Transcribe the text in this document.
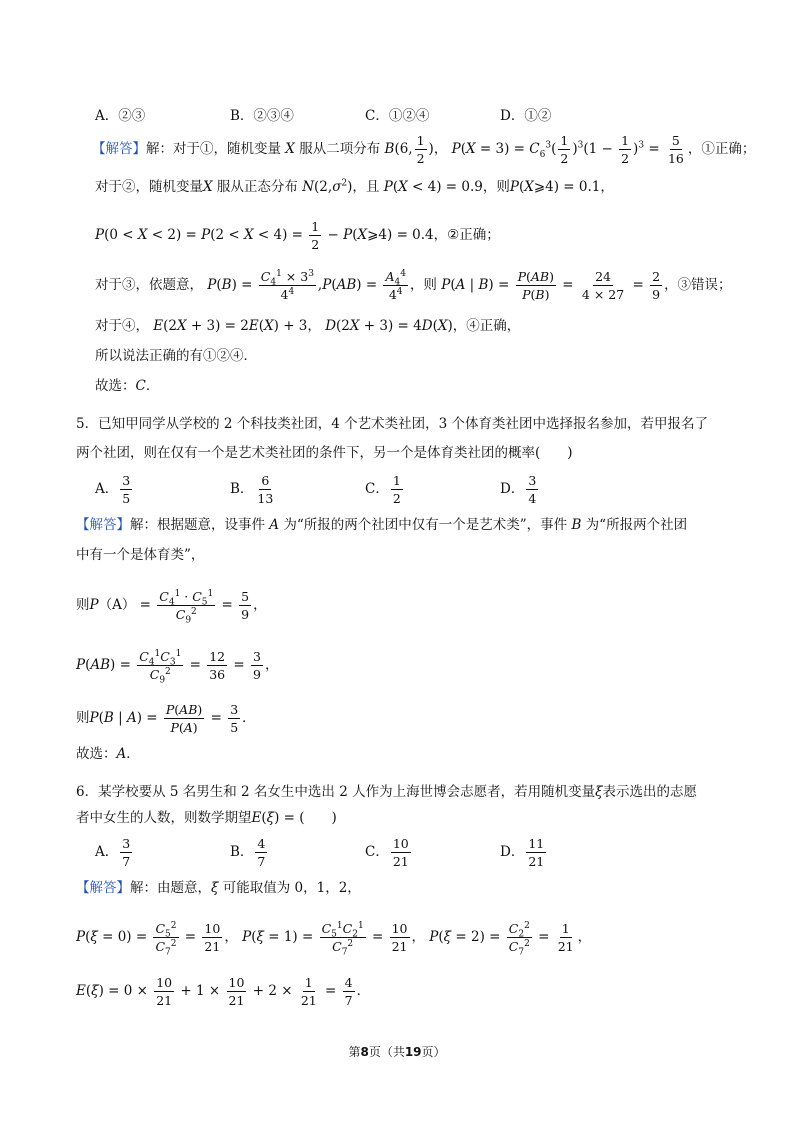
A．②③	B．②③④	C．①②④	D．①②
【解答】解：对于①，随机变量 X 服从二项分布 B(6, $\frac{1}{2}$ )， $P(X = 3) = C_6^3( \frac{1}{2} )^3(1 - \frac{1}{2} )^3 = \frac{5}{16}$ ，①正确；
对于②，随机变量X 服从正态分布 $N(2,\sigma^2)$，且 P(X < 4) = 0.9，则P(X⩾4) = 0.1，
$P(0 < X < 2) = P(2 < X < 4) = \frac{1}{2}$ − P(X⩾4) = 0.4，②正确；
对于③，依题意， $P(B) = \frac{C_4^1 \times 3^3}{4^4} ,P(AB) = \frac{A_4^4}{4^4}$ ，则 P(A | $B) = \frac{P(AB)}{P(B)} = \frac{24}{4 \times 27} = \frac{2}{9}$ ，③错误；
对于④， E(2X + 3) = 2E(X) + 3， D(2X + 3) = 4D(X)，④正确，
所以说法正确的有①②④．
故选：C．
5．已知甲同学从学校的 2 个科技类社团，4 个艺术类社团，3 个体育类社团中选择报名参加，若甲报名了
两个社团，则在仅有一个是艺术类社团的条件下，另一个是体育类社团的概率(　　)
A． $\frac{3}{5}$	B． $\frac{6}{13}$	C． $\frac{1}{2}$	D． $\frac{3}{4}$
【解答】解：根据题意，设事件 A 为“所报的两个社团中仅有一个是艺术类”，事件 B 为“所报两个社团
中有一个是体育类”，
则$P(A) = \frac{C_4^1 \cdot C_5^1}{C_9^2} = \frac{5}{9}$ ，
$P(AB) = \frac{C_4^1C_3^1}{C_9^2} = \frac{12}{36} = \frac{3}{9}$ ，
则P(B | $A) = \frac{P(AB)}{P(A)} = \frac{3}{5}$ ．
故选：A．
6．某学校要从 5 名男生和 2 名女生中选出 2 人作为上海世博会志愿者，若用随机变量ξ表示选出的志愿
者中女生的人数，则数学期望E(ξ) = (　　)
A． $\frac{3}{7}$	B． $\frac{4}{7}$	C． $\frac{10}{21}$	D． $\frac{11}{21}$
【解答】解：由题意，ξ 可能取值为 0，1，2，
$P(\xi = 0) = \frac{C_5^2}{C_7^2} = \frac{10}{21}$ ， $P(\xi = 1) = \frac{C_5^1C_2^1}{C_7^2} = \frac{10}{21}$ ， $P(\xi = 2) = \frac{C_2^2}{C_7^2} = \frac{1}{21}$ ，
$E(\xi) = 0 \times \frac{10}{21} + 1 \times \frac{10}{21} + 2 \times \frac{1}{21} = \frac{4}{7}$ ．
第8页（共19页）
